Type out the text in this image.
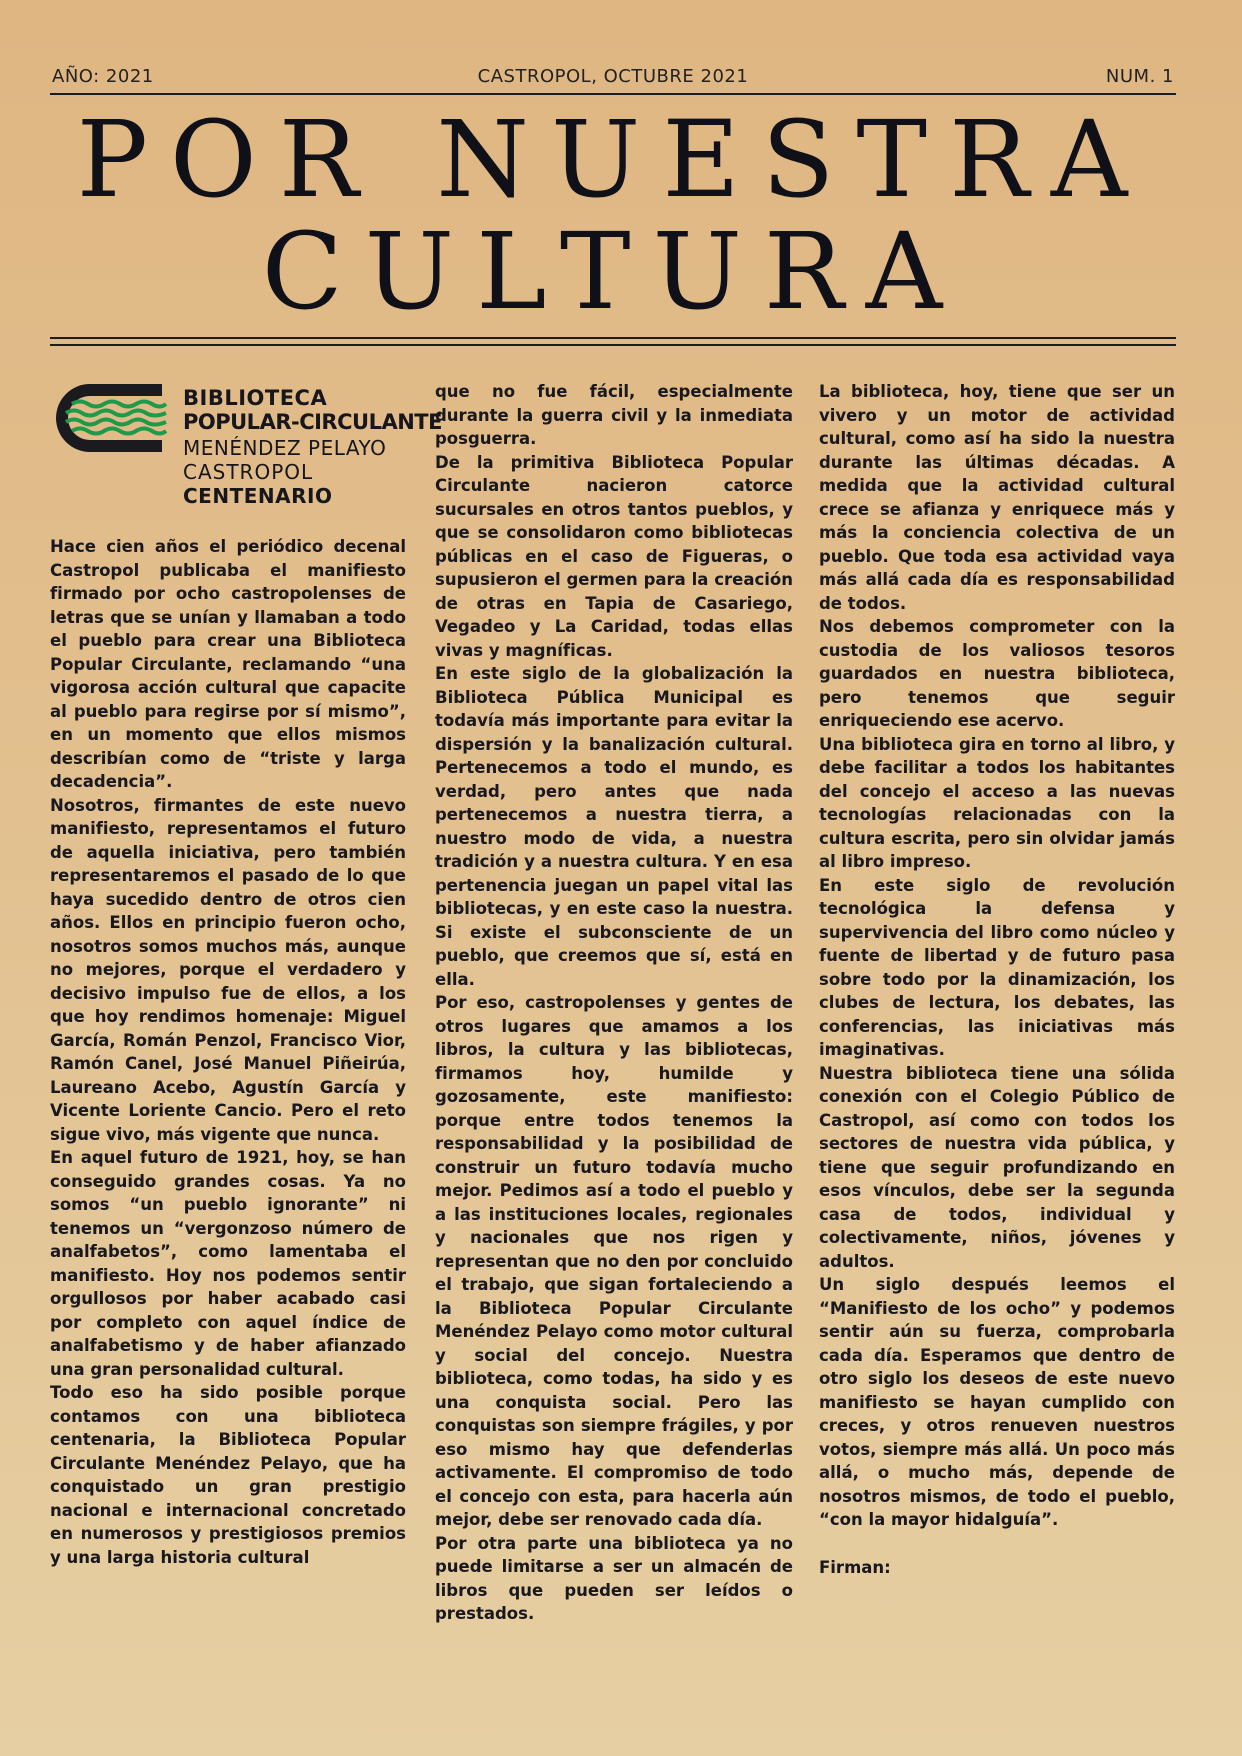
AÑO: 2021	CASTROPOL, OCTUBRE 2021	NUM. 1
POR NUESTRA
CULTURA
BIBLIOTECA
POPULAR-CIRCULANTE
MENÉNDEZ PELAYO
CASTROPOL
CENTENARIO

Hace cien años el periódico decenal Castropol publicaba el manifiesto firmado por ocho castropolenses de letras que se unían y llamaban a todo el pueblo para crear una Biblioteca Popular Circulante, reclamando “una vigorosa acción cultural que capacite al pueblo para regirse por sí mismo”, en un momento que ellos mismos describían como de “triste y larga decadencia”.

Nosotros, firmantes de este nuevo manifiesto, representamos el futuro de aquella iniciativa, pero también representaremos el pasado de lo que haya sucedido dentro de otros cien años. Ellos en principio fueron ocho, nosotros somos muchos más, aunque no mejores, porque el verdadero y decisivo impulso fue de ellos, a los que hoy rendimos homenaje: Miguel García, Román Penzol, Francisco Vior, Ramón Canel, José Manuel Piñeirúa, Laureano Acebo, Agustín García y Vicente Loriente Cancio. Pero el reto sigue vivo, más vigente que nunca.

En aquel futuro de 1921, hoy, se han conseguido grandes cosas. Ya no somos “un pueblo ignorante” ni tenemos un “vergonzoso número de analfabetos”, como lamentaba el manifiesto. Hoy nos podemos sentir orgullosos por haber acabado casi por completo con aquel índice de analfabetismo y de haber afianzado una gran personalidad cultural.

Todo eso ha sido posible porque contamos con una biblioteca centenaria, la Biblioteca Popular Circulante Menéndez Pelayo, que ha conquistado un gran prestigio nacional e internacional concretado en numerosos y prestigiosos premios y una larga historia cultural

que no fue fácil, especialmente durante la guerra civil y la inmediata posguerra.

De la primitiva Biblioteca Popular Circulante nacieron catorce sucursales en otros tantos pueblos, y que se consolidaron como bibliotecas públicas en el caso de Figueras, o supusieron el germen para la creación de otras en Tapia de Casariego, Vegadeo y La Caridad, todas ellas vivas y magníficas.

En este siglo de la globalización la Biblioteca Pública Municipal es todavía más importante para evitar la dispersión y la banalización cultural. Pertenecemos a todo el mundo, es verdad, pero antes que nada pertenecemos a nuestra tierra, a nuestro modo de vida, a nuestra tradición y a nuestra cultura. Y en esa pertenencia juegan un papel vital las bibliotecas, y en este caso la nuestra. Si existe el subconsciente de un pueblo, que creemos que sí, está en ella.

Por eso, castropolenses y gentes de otros lugares que amamos a los libros, la cultura y las bibliotecas, firmamos hoy, humilde y gozosamente, este manifiesto: porque entre todos tenemos la responsabilidad y la posibilidad de construir un futuro todavía mucho mejor. Pedimos así a todo el pueblo y a las instituciones locales, regionales y nacionales que nos rigen y representan que no den por concluido el trabajo, que sigan fortaleciendo a la Biblioteca Popular Circulante Menéndez Pelayo como motor cultural y social del concejo. Nuestra biblioteca, como todas, ha sido y es una conquista social. Pero las conquistas son siempre frágiles, y por eso mismo hay que defenderlas activamente. El compromiso de todo el concejo con esta, para hacerla aún mejor, debe ser renovado cada día.

Por otra parte una biblioteca ya no puede limitarse a ser un almacén de libros que pueden ser leídos o prestados.

La biblioteca, hoy, tiene que ser un vivero y un motor de actividad cultural, como así ha sido la nuestra durante las últimas décadas. A medida que la actividad cultural crece se afianza y enriquece más y más la conciencia colectiva de un pueblo. Que toda esa actividad vaya más allá cada día es responsabilidad de todos.

Nos debemos comprometer con la custodia de los valiosos tesoros guardados en nuestra biblioteca, pero tenemos que seguir enriqueciendo ese acervo.

Una biblioteca gira en torno al libro, y debe facilitar a todos los habitantes del concejo el acceso a las nuevas tecnologías relacionadas con la cultura escrita, pero sin olvidar jamás al libro impreso.

En este siglo de revolución tecnológica la defensa y supervivencia del libro como núcleo y fuente de libertad y de futuro pasa sobre todo por la dinamización, los clubes de lectura, los debates, las conferencias, las iniciativas más imaginativas.

Nuestra biblioteca tiene una sólida conexión con el Colegio Público de Castropol, así como con todos los sectores de nuestra vida pública, y tiene que seguir profundizando en esos vínculos, debe ser la segunda casa de todos, individual y colectivamente, niños, jóvenes y adultos.

Un siglo después leemos el “Manifiesto de los ocho” y podemos sentir aún su fuerza, comprobarla cada día. Esperamos que dentro de otro siglo los deseos de este nuevo manifiesto se hayan cumplido con creces, y otros renueven nuestros votos, siempre más allá. Un poco más allá, o mucho más, depende de nosotros mismos, de todo el pueblo, “con la mayor hidalguía”.

Firman:
